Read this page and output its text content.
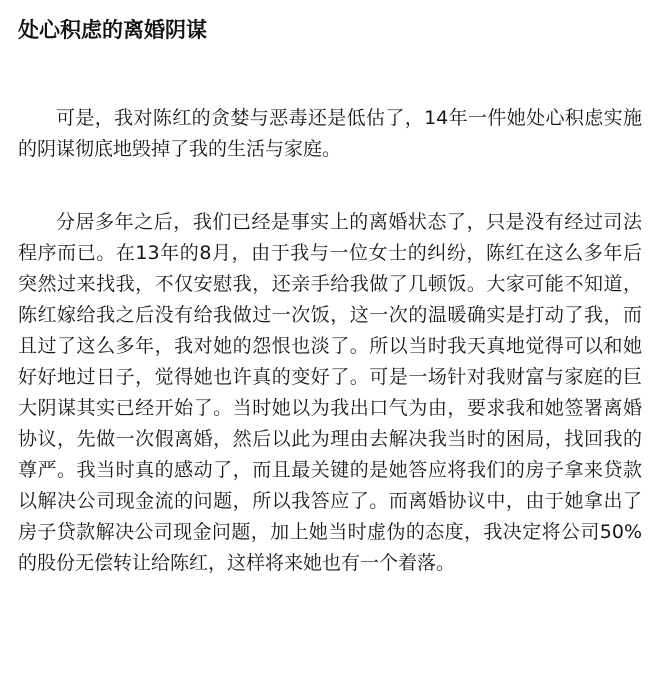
处心积虑的离婚阴谋

可是，我对陈红的贪婪与恶毒还是低估了，14年一件她处心积虑实施的阴谋彻底地毁掉了我的生活与家庭。

分居多年之后，我们已经是事实上的离婚状态了，只是没有经过司法程序而已。在13年的8月，由于我与一位女士的纠纷，陈红在这么多年后突然过来找我，不仅安慰我，还亲手给我做了几顿饭。大家可能不知道，陈红嫁给我之后没有给我做过一次饭，这一次的温暖确实是打动了我，而且过了这么多年，我对她的怨恨也淡了。所以当时我天真地觉得可以和她好好地过日子，觉得她也许真的变好了。可是一场针对我财富与家庭的巨大阴谋其实已经开始了。当时她以为我出口气为由，要求我和她签署离婚协议，先做一次假离婚，然后以此为理由去解决我当时的困局，找回我的尊严。我当时真的感动了，而且最关键的是她答应将我们的房子拿来贷款以解决公司现金流的问题，所以我答应了。而离婚协议中，由于她拿出了房子贷款解决公司现金问题，加上她当时虚伪的态度，我决定将公司50%的股份无偿转让给陈红，这样将来她也有一个着落。
